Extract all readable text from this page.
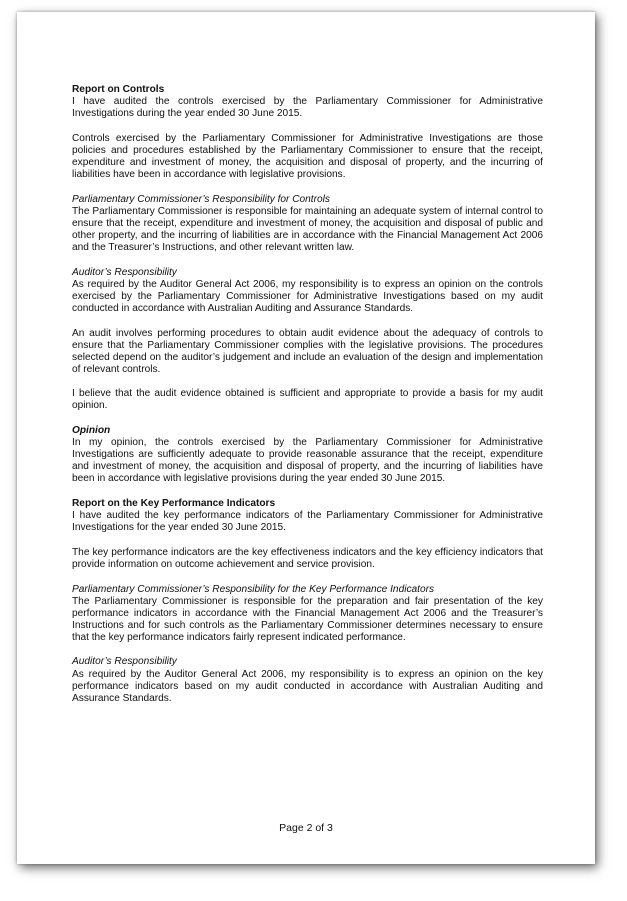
Report on Controls

I have audited the controls exercised by the Parliamentary Commissioner for Administrative Investigations during the year ended 30 June 2015.

Controls exercised by the Parliamentary Commissioner for Administrative Investigations are those policies and procedures established by the Parliamentary Commissioner to ensure that the receipt, expenditure and investment of money, the acquisition and disposal of property, and the incurring of liabilities have been in accordance with legislative provisions.

Parliamentary Commissioner’s Responsibility for Controls

The Parliamentary Commissioner is responsible for maintaining an adequate system of internal control to ensure that the receipt, expenditure and investment of money, the acquisition and disposal of public and other property, and the incurring of liabilities are in accordance with the Financial Management Act 2006 and the Treasurer’s Instructions, and other relevant written law.

Auditor’s Responsibility

As required by the Auditor General Act 2006, my responsibility is to express an opinion on the controls exercised by the Parliamentary Commissioner for Administrative Investigations based on my audit conducted in accordance with Australian Auditing and Assurance Standards.

An audit involves performing procedures to obtain audit evidence about the adequacy of controls to ensure that the Parliamentary Commissioner complies with the legislative provisions. The procedures selected depend on the auditor’s judgement and include an evaluation of the design and implementation of relevant controls.

I believe that the audit evidence obtained is sufficient and appropriate to provide a basis for my audit opinion.

Opinion

In my opinion, the controls exercised by the Parliamentary Commissioner for Administrative Investigations are sufficiently adequate to provide reasonable assurance that the receipt, expenditure and investment of money, the acquisition and disposal of property, and the incurring of liabilities have been in accordance with legislative provisions during the year ended 30 June 2015.

Report on the Key Performance Indicators

I have audited the key performance indicators of the Parliamentary Commissioner for Administrative Investigations for the year ended 30 June 2015.

The key performance indicators are the key effectiveness indicators and the key efficiency indicators that provide information on outcome achievement and service provision.

Parliamentary Commissioner’s Responsibility for the Key Performance Indicators

The Parliamentary Commissioner is responsible for the preparation and fair presentation of the key performance indicators in accordance with the Financial Management Act 2006 and the Treasurer’s Instructions and for such controls as the Parliamentary Commissioner determines necessary to ensure that the key performance indicators fairly represent indicated performance.

Auditor’s Responsibility

As required by the Auditor General Act 2006, my responsibility is to express an opinion on the key performance indicators based on my audit conducted in accordance with Australian Auditing and Assurance Standards.

Page 2 of 3
